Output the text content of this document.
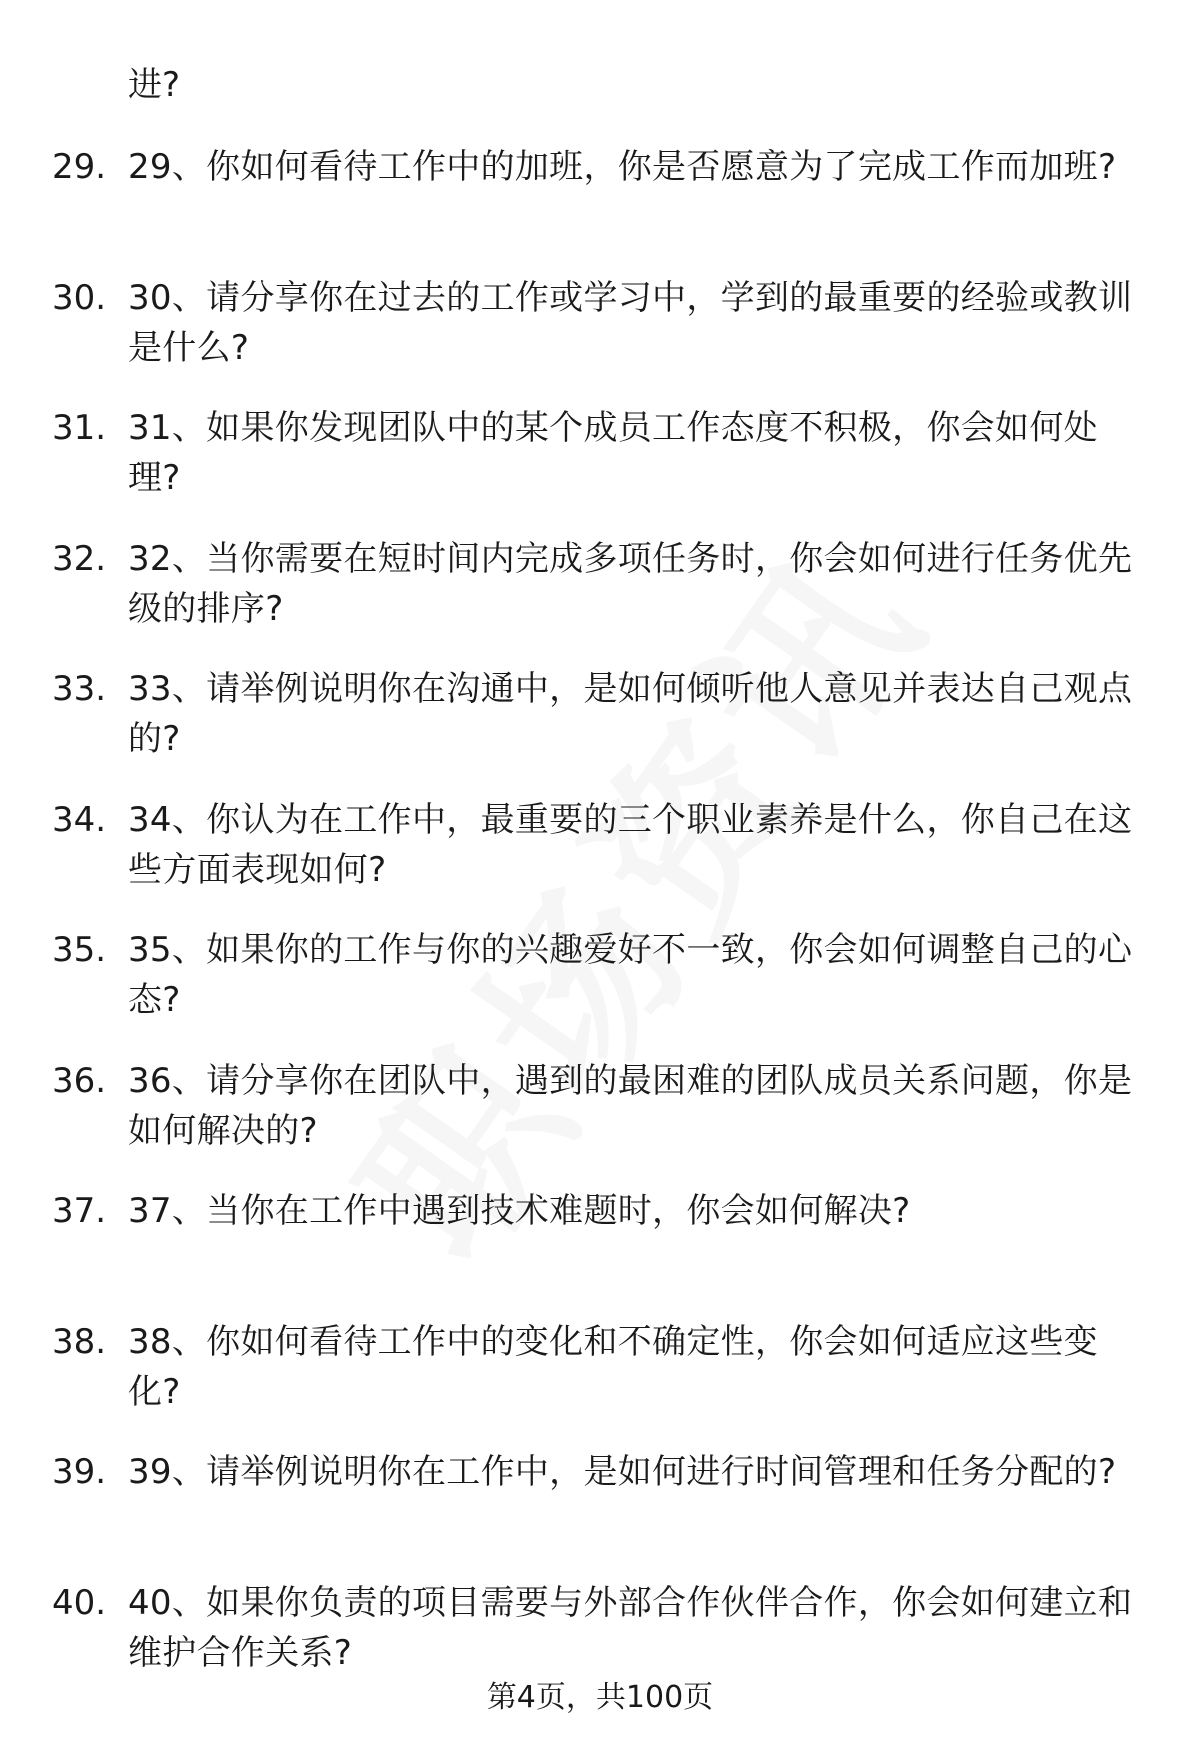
进?
29. 29、你如何看待工作中的加班，你是否愿意为了完成工作而加班?
30. 30、请分享你在过去的工作或学习中，学到的最重要的经验或教训是什么?
31. 31、如果你发现团队中的某个成员工作态度不积极，你会如何处理?
32. 32、当你需要在短时间内完成多项任务时，你会如何进行任务优先级的排序?
33. 33、请举例说明你在沟通中，是如何倾听他人意见并表达自己观点的?
34. 34、你认为在工作中，最重要的三个职业素养是什么，你自己在这些方面表现如何?
35. 35、如果你的工作与你的兴趣爱好不一致，你会如何调整自己的心态?
36. 36、请分享你在团队中，遇到的最困难的团队成员关系问题，你是如何解决的?
37. 37、当你在工作中遇到技术难题时，你会如何解决?
38. 38、你如何看待工作中的变化和不确定性，你会如何适应这些变化?
39. 39、请举例说明你在工作中，是如何进行时间管理和任务分配的?
40. 40、如果你负责的项目需要与外部合作伙伴合作，你会如何建立和维护合作关系?
第4页，共100页
